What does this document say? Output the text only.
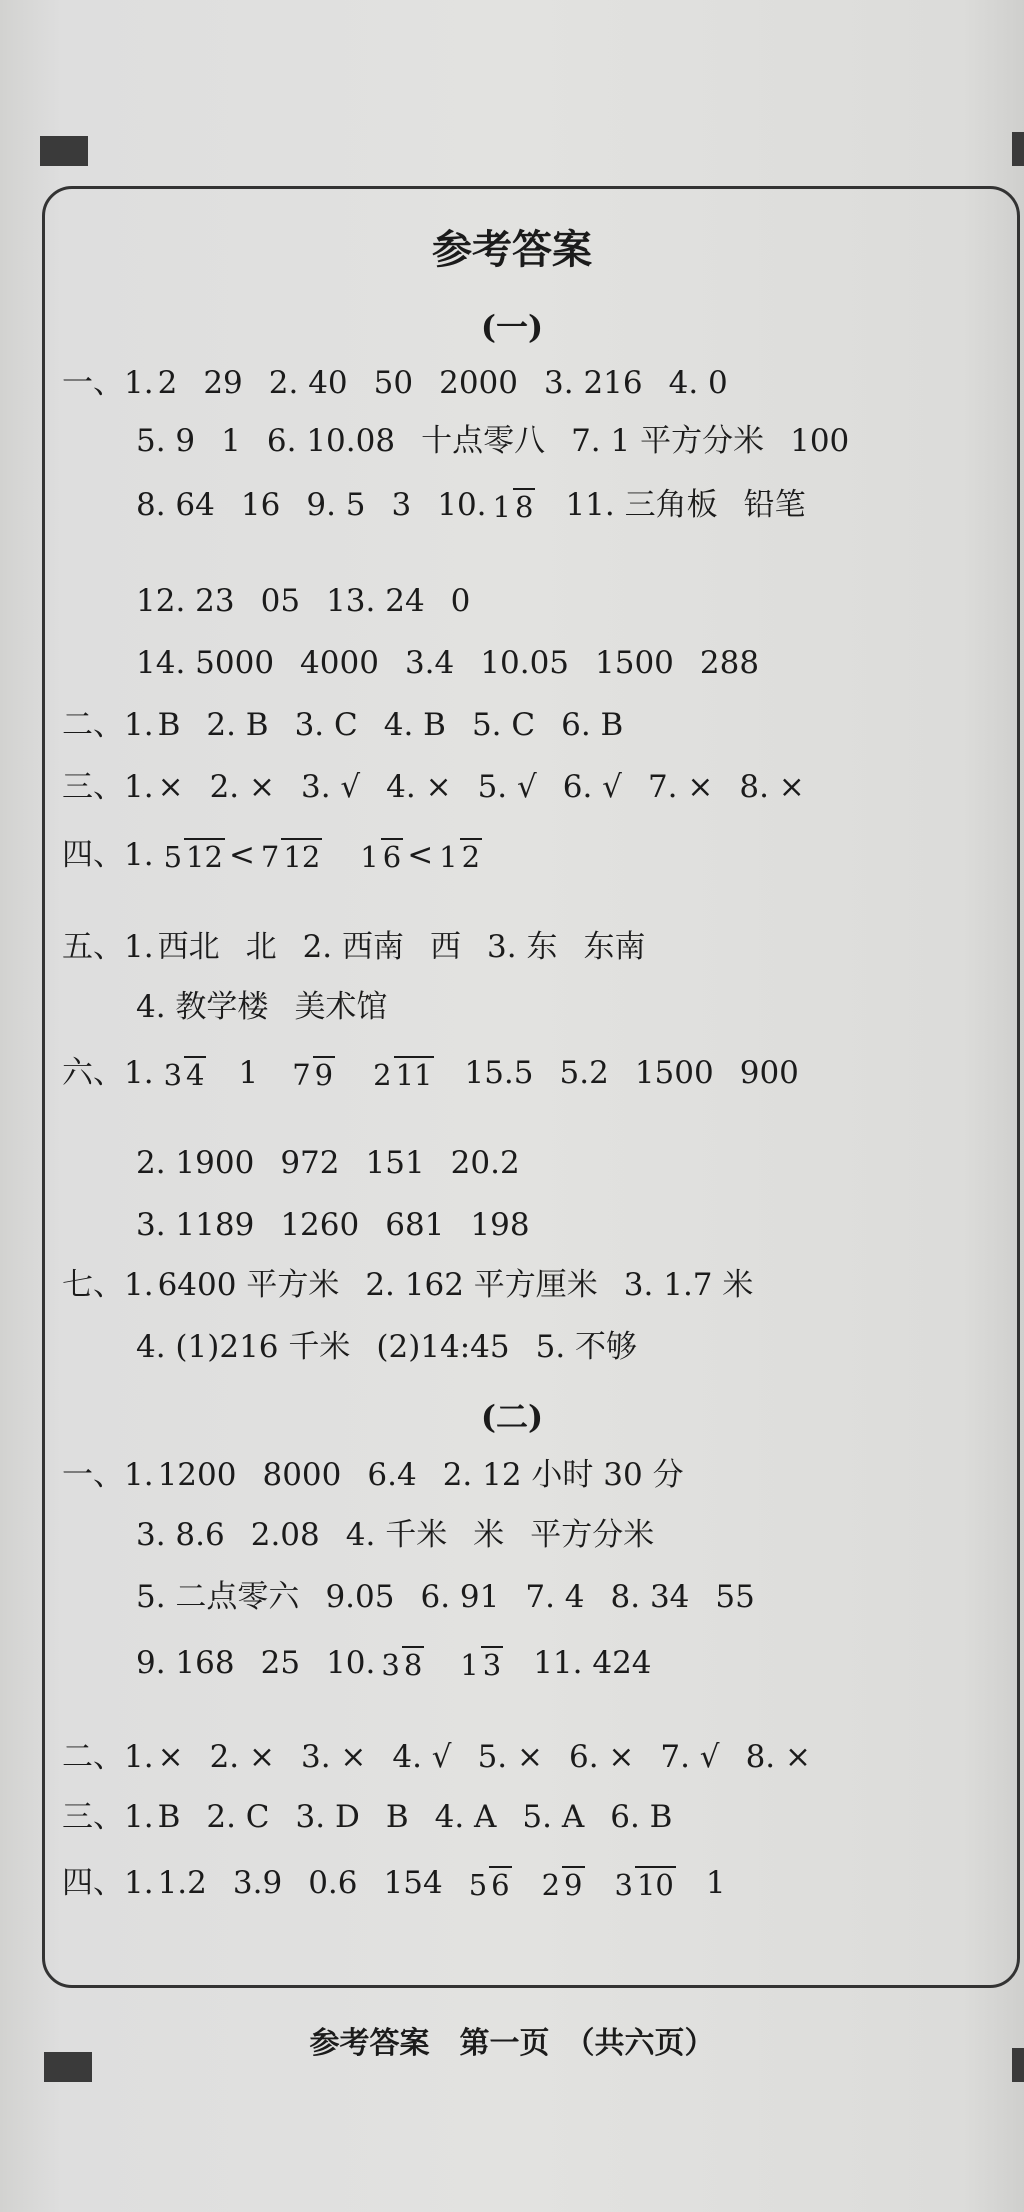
参考答案
(一)
一、1. 2 29 2. 40 50 2000 3. 216 4. 0
5. 9 1 6. 10.08 十点零八 7. 1 平方分米 100
8. 64 16 9. 5 3 10. 1 8 11. 三角板 铅笔
12. 23 05 13. 24 0
14. 5000 4000 3.4 10.05 1500 288
二、1. B 2. B 3. C 4. B 5. C 6. B
三、1. × 2. × 3. √ 4. × 5. √ 6. √ 7. × 8. ×
四、1. 5 12 < 7 12 1 6 < 1 2
五、1. 西北 北 2. 西南 西 3. 东 东南
4. 教学楼 美术馆
六、1. 3 4 1 7 9 2 11 15.5 5.2 1500 900
2. 1900 972 151 20.2
3. 1189 1260 681 198
七、1. 6400 平方米 2. 162 平方厘米 3. 1.7 米
4. (1)216 千米 (2)14:45 5. 不够
(二)
一、1. 1200 8000 6.4 2. 12 小时 30 分
3. 8.6 2.08 4. 千米 米 平方分米
5. 二点零六 9.05 6. 91 7. 4 8. 34 55
9. 168 25 10. 3 8 1 3 11. 424
二、1. × 2. × 3. × 4. √ 5. × 6. × 7. √ 8. ×
三、1. B 2. C 3. D B 4. A 5. A 6. B
四、1. 1.2 3.9 0.6 154 5 6 2 9 3 10 1
参考答案　第一页　（共六页）
